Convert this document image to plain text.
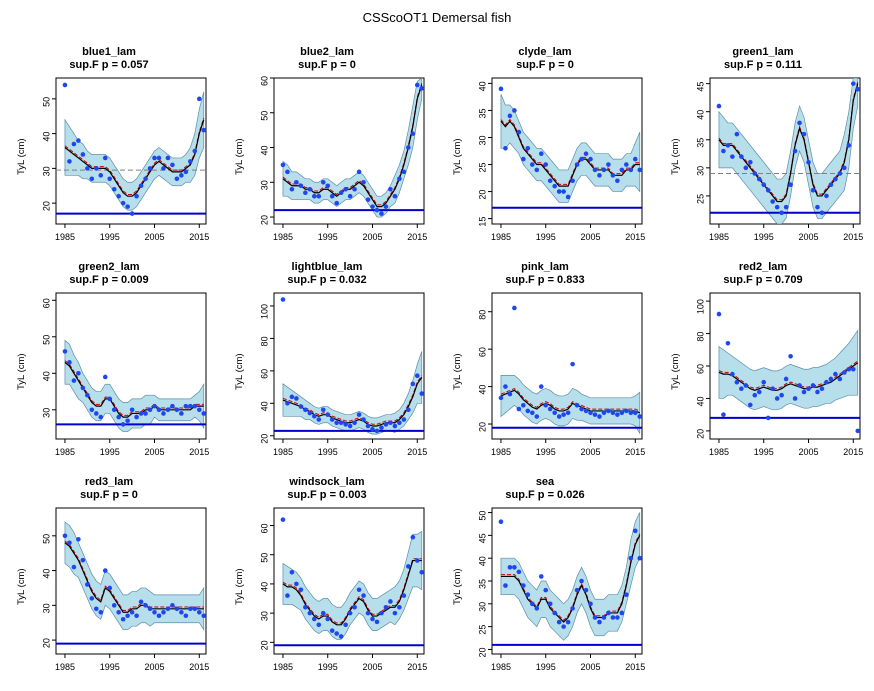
CSScoOT1 Demersal fish
blue1_lam
sup.F p = 0.057
TyL (cm)
20
30
40
50
1985	1995	2005	2015
blue2_lam
sup.F p = 0
TyL (cm)
20
30
40
50
60
1985	1995	2005	2015
clyde_lam
sup.F p = 0
TyL (cm)
15
20
25
30
35
40
1985	1995	2005	2015
green1_lam
sup.F p = 0.111
TyL (cm)
25
30
35
40
45
1985	1995	2005	2015
green2_lam
sup.F p = 0.009
TyL (cm)
30
40
50
60
1985	1995	2005	2015
lightblue_lam
sup.F p = 0.032
TyL (cm)
20
40
60
80
100
1985	1995	2005	2015
pink_lam
sup.F p = 0.833
TyL (cm)
20
40
60
80
1985	1995	2005	2015
red2_lam
sup.F p = 0.709
TyL (cm)
20
40
60
80
100
1985	1995	2005	2015
red3_lam
sup.F p = 0
TyL (cm)
20
30
40
50
1985	1995	2005	2015
windsock_lam
sup.F p = 0.003
TyL (cm)
20
30
40
50
60
1985	1995	2005	2015
sea
sup.F p = 0.026
TyL (cm)
20
25
30
35
40
45
50
1985	1995	2005	2015
